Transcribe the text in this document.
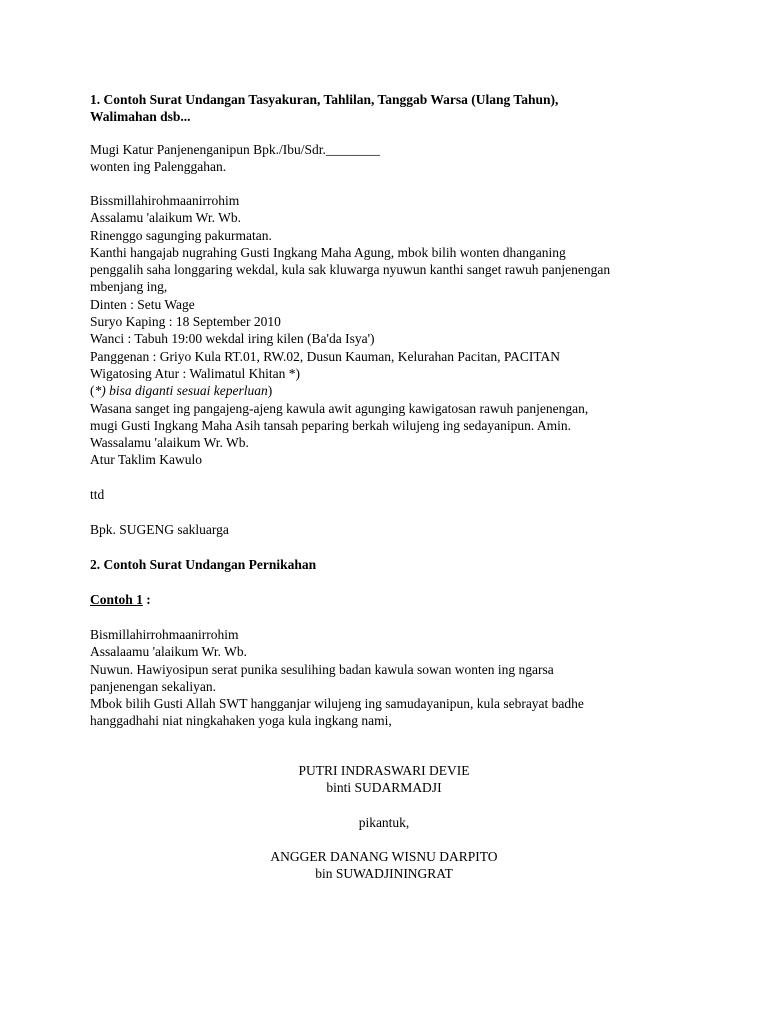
1. Contoh Surat Undangan Tasyakuran, Tahlilan, Tanggab Warsa (Ulang Tahun),
Walimahan dsb...
Mugi Katur Panjenenganipun Bpk./Ibu/Sdr.________
wonten ing Palenggahan.
Bissmillahirohmaanirrohim
Assalamu 'alaikum Wr. Wb.
Rinenggo sagunging pakurmatan.
Kanthi hangajab nugrahing Gusti Ingkang Maha Agung, mbok bilih wonten dhanganing
penggalih saha longgaring wekdal, kula sak kluwarga nyuwun kanthi sanget rawuh panjenengan
mbenjang ing,
Dinten : Setu Wage
Suryo Kaping : 18 September 2010
Wanci : Tabuh 19:00 wekdal iring kilen (Ba'da Isya')
Panggenan : Griyo Kula RT.01, RW.02, Dusun Kauman, Kelurahan Pacitan, PACITAN
Wigatosing Atur : Walimatul Khitan *)
(*) bisa diganti sesuai keperluan)
Wasana sanget ing pangajeng-ajeng kawula awit agunging kawigatosan rawuh panjenengan,
mugi Gusti Ingkang Maha Asih tansah peparing berkah wilujeng ing sedayanipun. Amin.
Wassalamu 'alaikum Wr. Wb.
Atur Taklim Kawulo
ttd
Bpk. SUGENG sakluarga
2. Contoh Surat Undangan Pernikahan
Contoh 1 :
Bismillahirrohmaanirrohim
Assalaamu 'alaikum Wr. Wb.
Nuwun. Hawiyosipun serat punika sesulihing badan kawula sowan wonten ing ngarsa
panjenengan sekaliyan.
Mbok bilih Gusti Allah SWT hangganjar wilujeng ing samudayanipun, kula sebrayat badhe
hanggadhahi niat ningkahaken yoga kula ingkang nami,
PUTRI INDRASWARI DEVIE
binti SUDARMADJI
pikantuk,
ANGGER DANANG WISNU DARPITO
bin SUWADJININGRAT
